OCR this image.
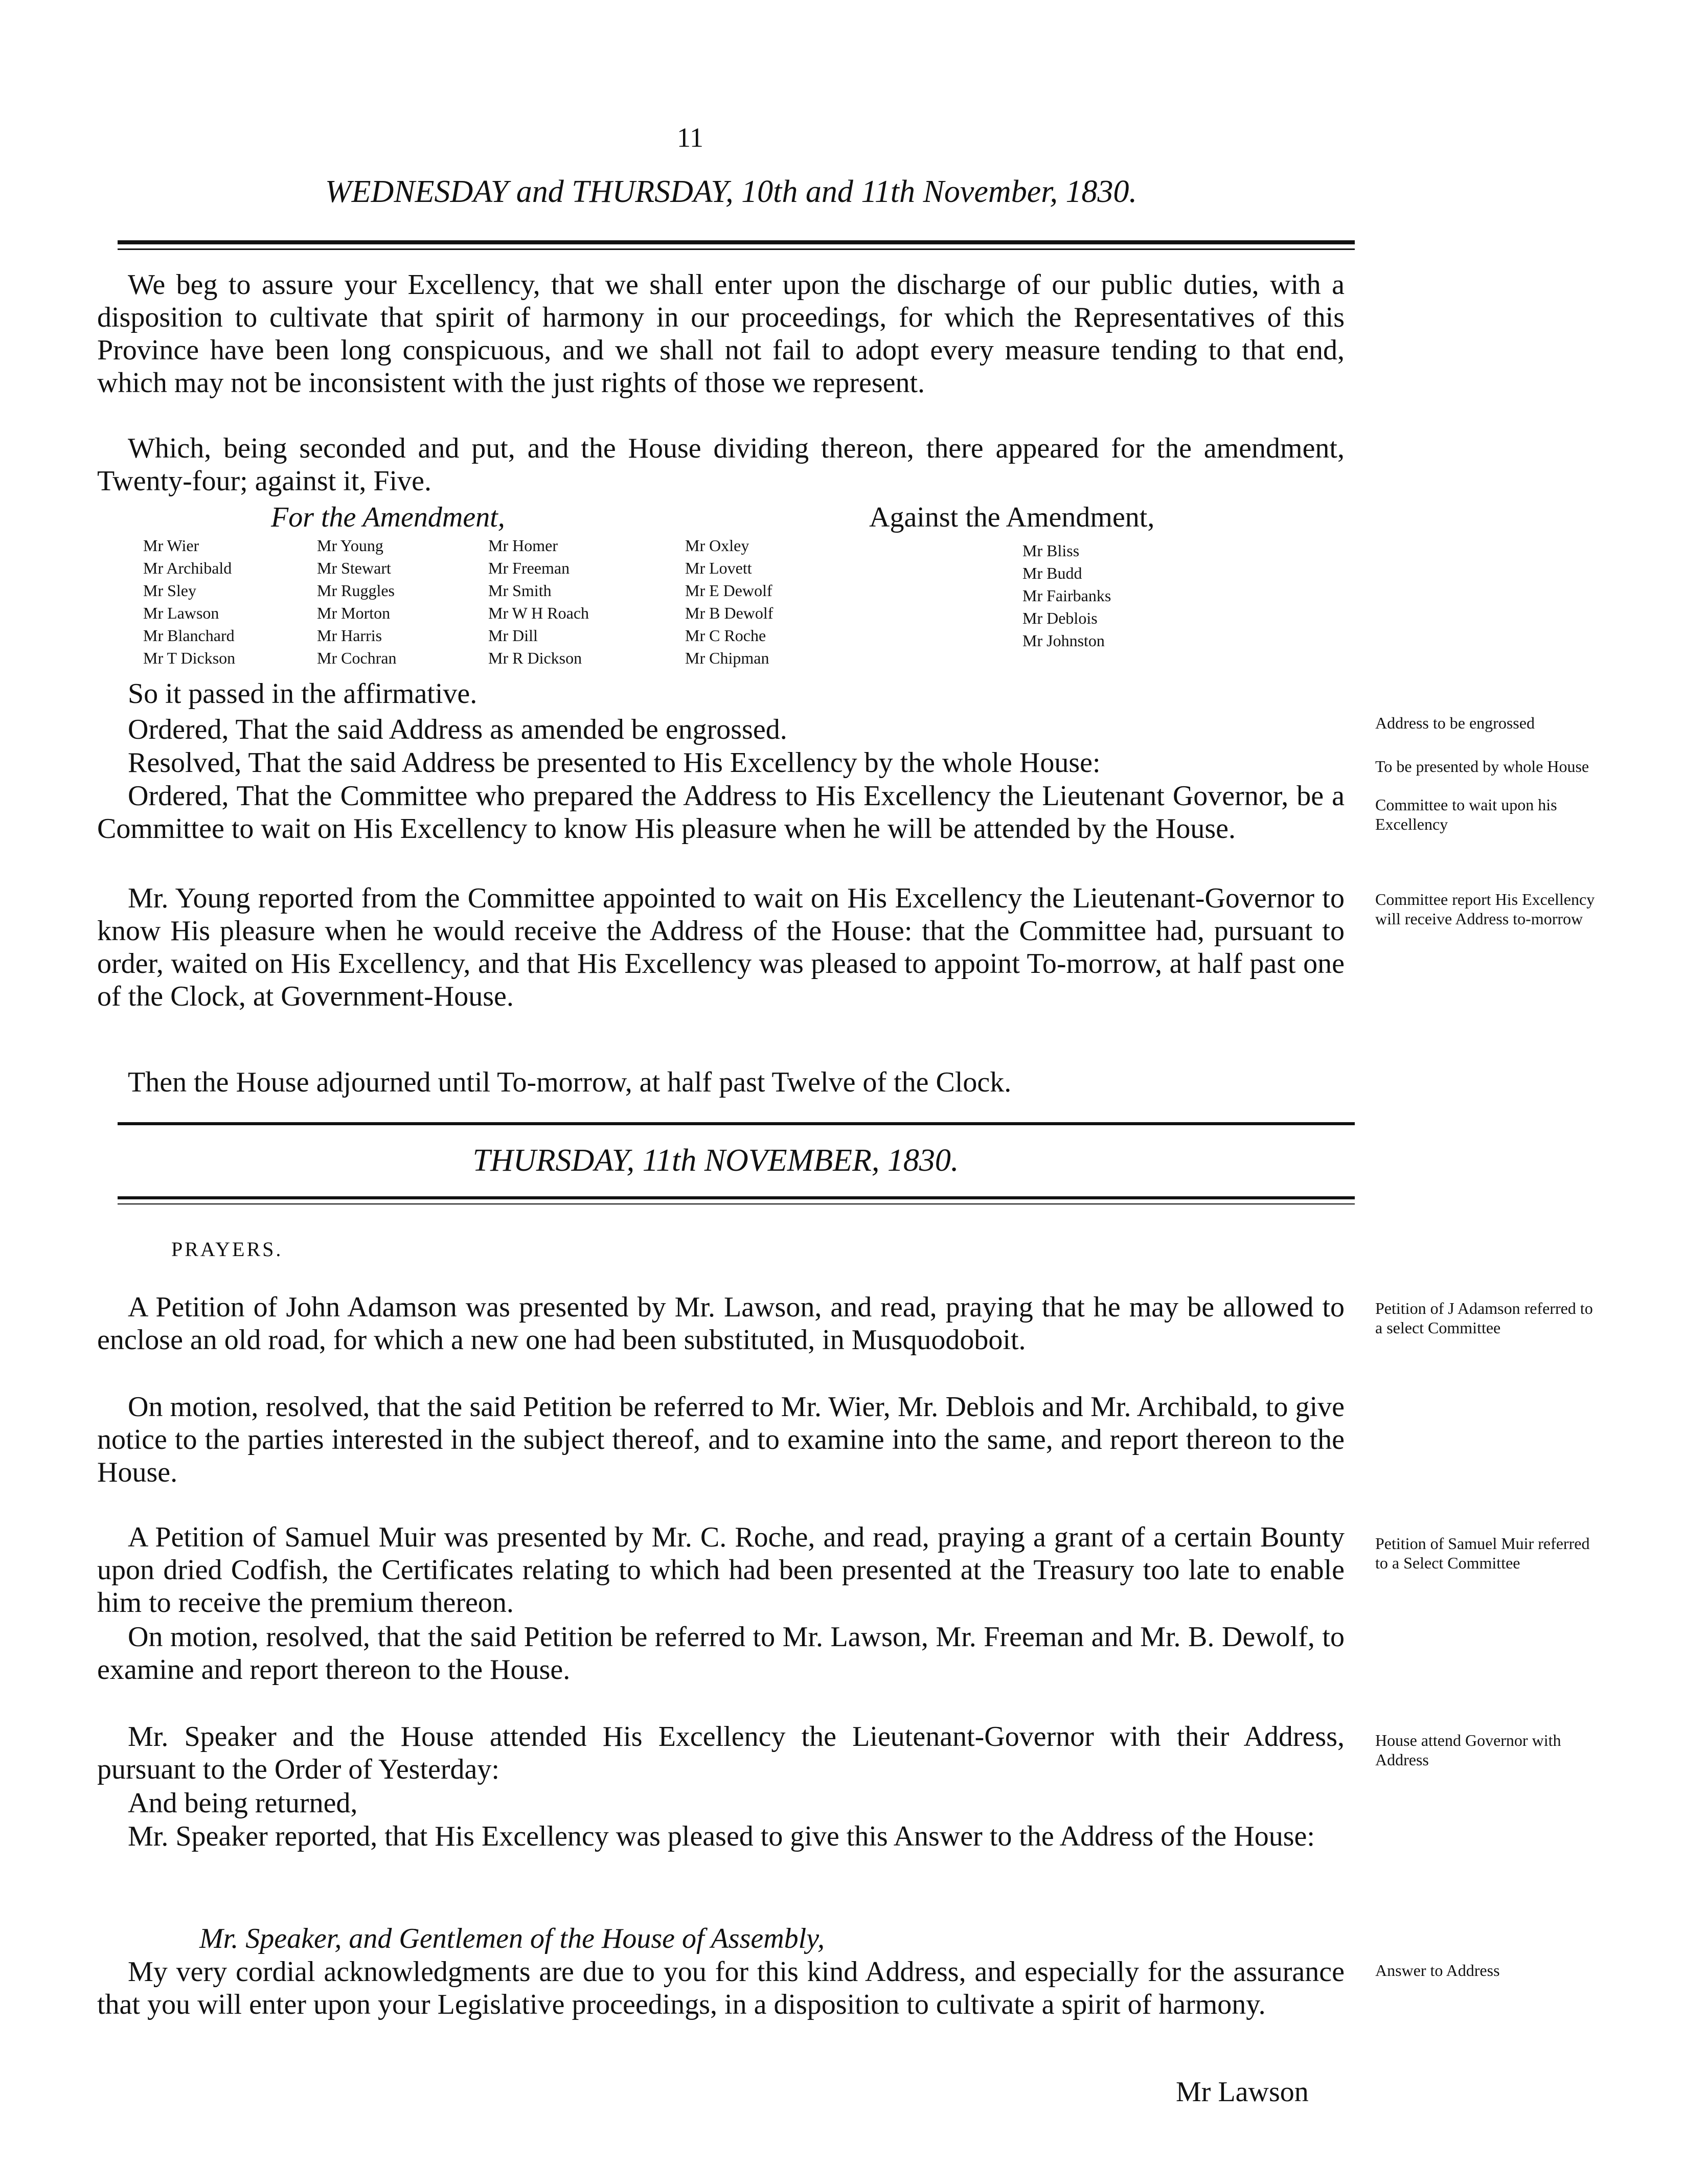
11
WEDNESDAY and THURSDAY, 10th and 11th November, 1830.
We beg to assure your Excellency, that we shall enter upon the discharge of our public duties, with a disposition to cultivate that spirit of harmony in our proceedings, for which the Representatives of this Province have been long conspicuous, and we shall not fail to adopt every measure tending to that end, which may not be inconsistent with the just rights of those we represent.
Which, being seconded and put, and the House dividing thereon, there appeared for the amendment, Twenty-four; against it, Five.
For the Amendment,	Against the Amendment,
Mr Wier
Mr Archibald
Mr Sley
Mr Lawson
Mr Blanchard
Mr T Dickson
Mr Young
Mr Stewart
Mr Ruggles
Mr Morton
Mr Harris
Mr Cochran
Mr Homer
Mr Freeman
Mr Smith
Mr W H Roach
Mr Dill
Mr R Dickson
Mr Oxley
Mr Lovett
Mr E Dewolf
Mr B Dewolf
Mr C Roche
Mr Chipman
Mr Bliss
Mr Budd
Mr Fairbanks
Mr Deblois
Mr Johnston
So it passed in the affirmative.
Ordered, That the said Address as amended be engrossed.
Resolved, That the said Address be presented to His Excellency by the whole House:
Ordered, That the Committee who prepared the Address to His Excellency the Lieutenant Governor, be a Committee to wait on His Excellency to know His pleasure when he will be attended by the House.
Mr. Young reported from the Committee appointed to wait on His Excellency the Lieutenant-Governor to know His pleasure when he would receive the Address of the House: that the Committee had, pursuant to order, waited on His Excellency, and that His Excellency was pleased to appoint To-morrow, at half past one of the Clock, at Government-House.
Then the House adjourned until To-morrow, at half past Twelve of the Clock.
THURSDAY, 11th NOVEMBER, 1830.
PRAYERS.
A Petition of John Adamson was presented by Mr. Lawson, and read, praying that he may be allowed to enclose an old road, for which a new one had been substituted, in Musquodoboit.
On motion, resolved, that the said Petition be referred to Mr. Wier, Mr. Deblois and Mr. Archibald, to give notice to the parties interested in the subject thereof, and to examine into the same, and report thereon to the House.
A Petition of Samuel Muir was presented by Mr. C. Roche, and read, praying a grant of a certain Bounty upon dried Codfish, the Certificates relating to which had been presented at the Treasury too late to enable him to receive the premium thereon.
On motion, resolved, that the said Petition be referred to Mr. Lawson, Mr. Freeman and Mr. B. Dewolf, to examine and report thereon to the House.
Mr. Speaker and the House attended His Excellency the Lieutenant-Governor with their Address, pursuant to the Order of Yesterday:
And being returned,
Mr. Speaker reported, that His Excellency was pleased to give this Answer to the Address of the House:
Mr. Speaker, and Gentlemen of the House of Assembly,
My very cordial acknowledgments are due to you for this kind Address, and especially for the assurance that you will enter upon your Legislative proceedings, in a disposition to cultivate a spirit of harmony.
Mr Lawson
Address to be engrossed
To be presented by whole House
Committee to wait upon his Excellency
Committee report His Excellency will receive Address to-morrow
Petition of J Adamson referred to a select Committee
Petition of Samuel Muir referred to a Select Committee
House attend Governor with Address
Answer to Address
